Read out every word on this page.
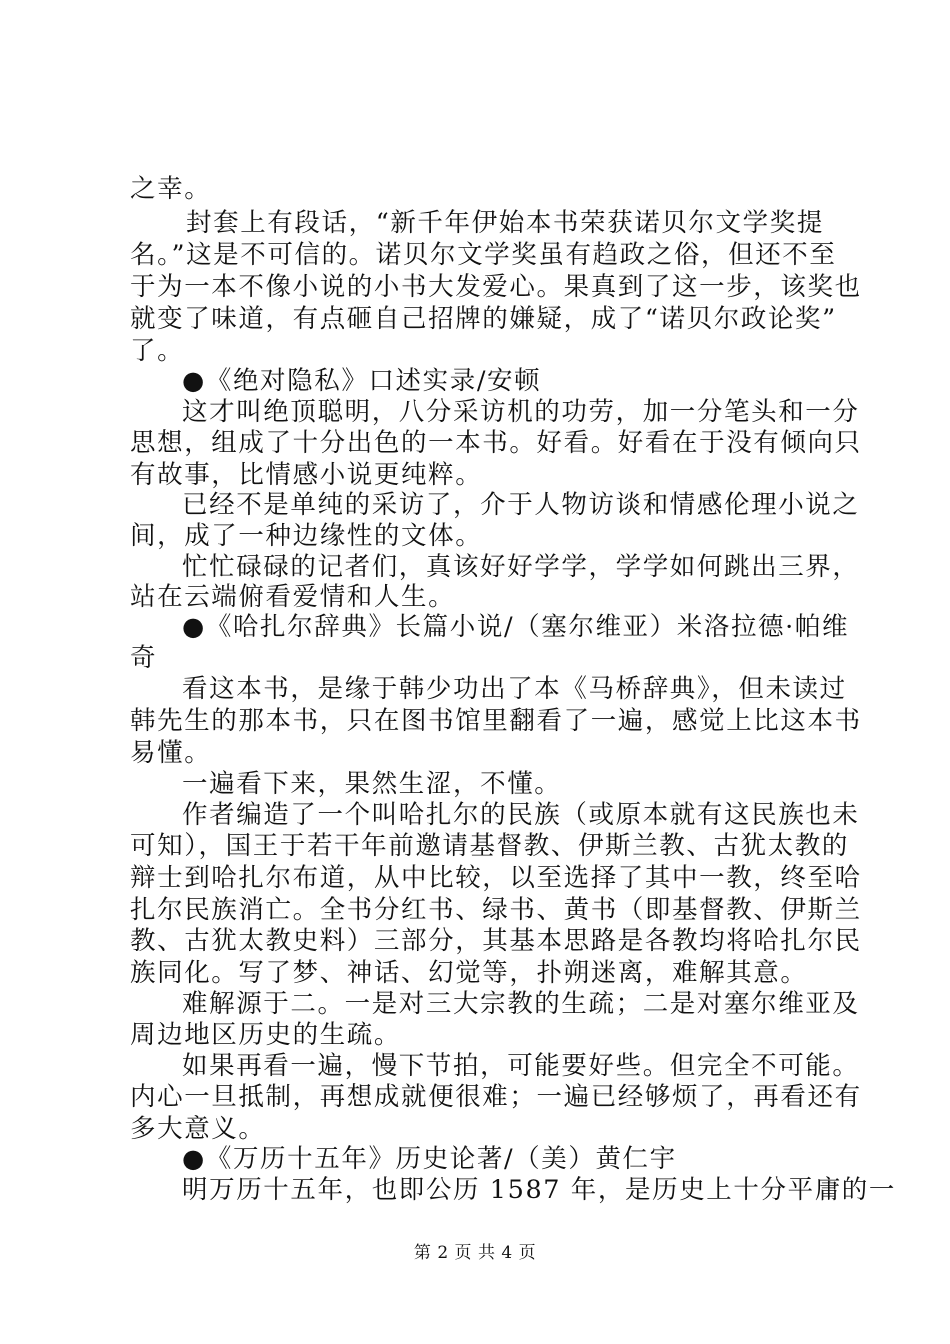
之幸。

封套上有段话，“新千年伊始本书荣获诺贝尔文学奖提

名。”这是不可信的。诺贝尔文学奖虽有趋政之俗，但还不至

于为一本不像小说的小书大发爱心。果真到了这一步，该奖也

就变了味道，有点砸自己招牌的嫌疑，成了“诺贝尔政论奖”

了。

●《绝对隐私》口述实录/安顿

这才叫绝顶聪明，八分采访机的功劳，加一分笔头和一分

思想，组成了十分出色的一本书。好看。好看在于没有倾向只

有故事，比情感小说更纯粹。

已经不是单纯的采访了，介于人物访谈和情感伦理小说之

间，成了一种边缘性的文体。

忙忙碌碌的记者们，真该好好学学，学学如何跳出三界，

站在云端俯看爱情和人生。

●《哈扎尔辞典》长篇小说/（塞尔维亚）米洛拉德·帕维

奇

看这本书，是缘于韩少功出了本《马桥辞典》，但未读过

韩先生的那本书，只在图书馆里翻看了一遍，感觉上比这本书

易懂。

一遍看下来，果然生涩，不懂。

作者编造了一个叫哈扎尔的民族（或原本就有这民族也未

可知），国王于若干年前邀请基督教、伊斯兰教、古犹太教的

辩士到哈扎尔布道，从中比较，以至选择了其中一教，终至哈

扎尔民族消亡。全书分红书、绿书、黄书（即基督教、伊斯兰

教、古犹太教史料）三部分，其基本思路是各教均将哈扎尔民

族同化。写了梦、神话、幻觉等，扑朔迷离，难解其意。

难解源于二。一是对三大宗教的生疏；二是对塞尔维亚及

周边地区历史的生疏。

如果再看一遍，慢下节拍，可能要好些。但完全不可能。

内心一旦抵制，再想成就便很难；一遍已经够烦了，再看还有

多大意义。

●《万历十五年》历史论著/（美）黄仁宇

明万历十五年，也即公历 1587 年，是历史上十分平庸的一

第 2 页 共 4 页
